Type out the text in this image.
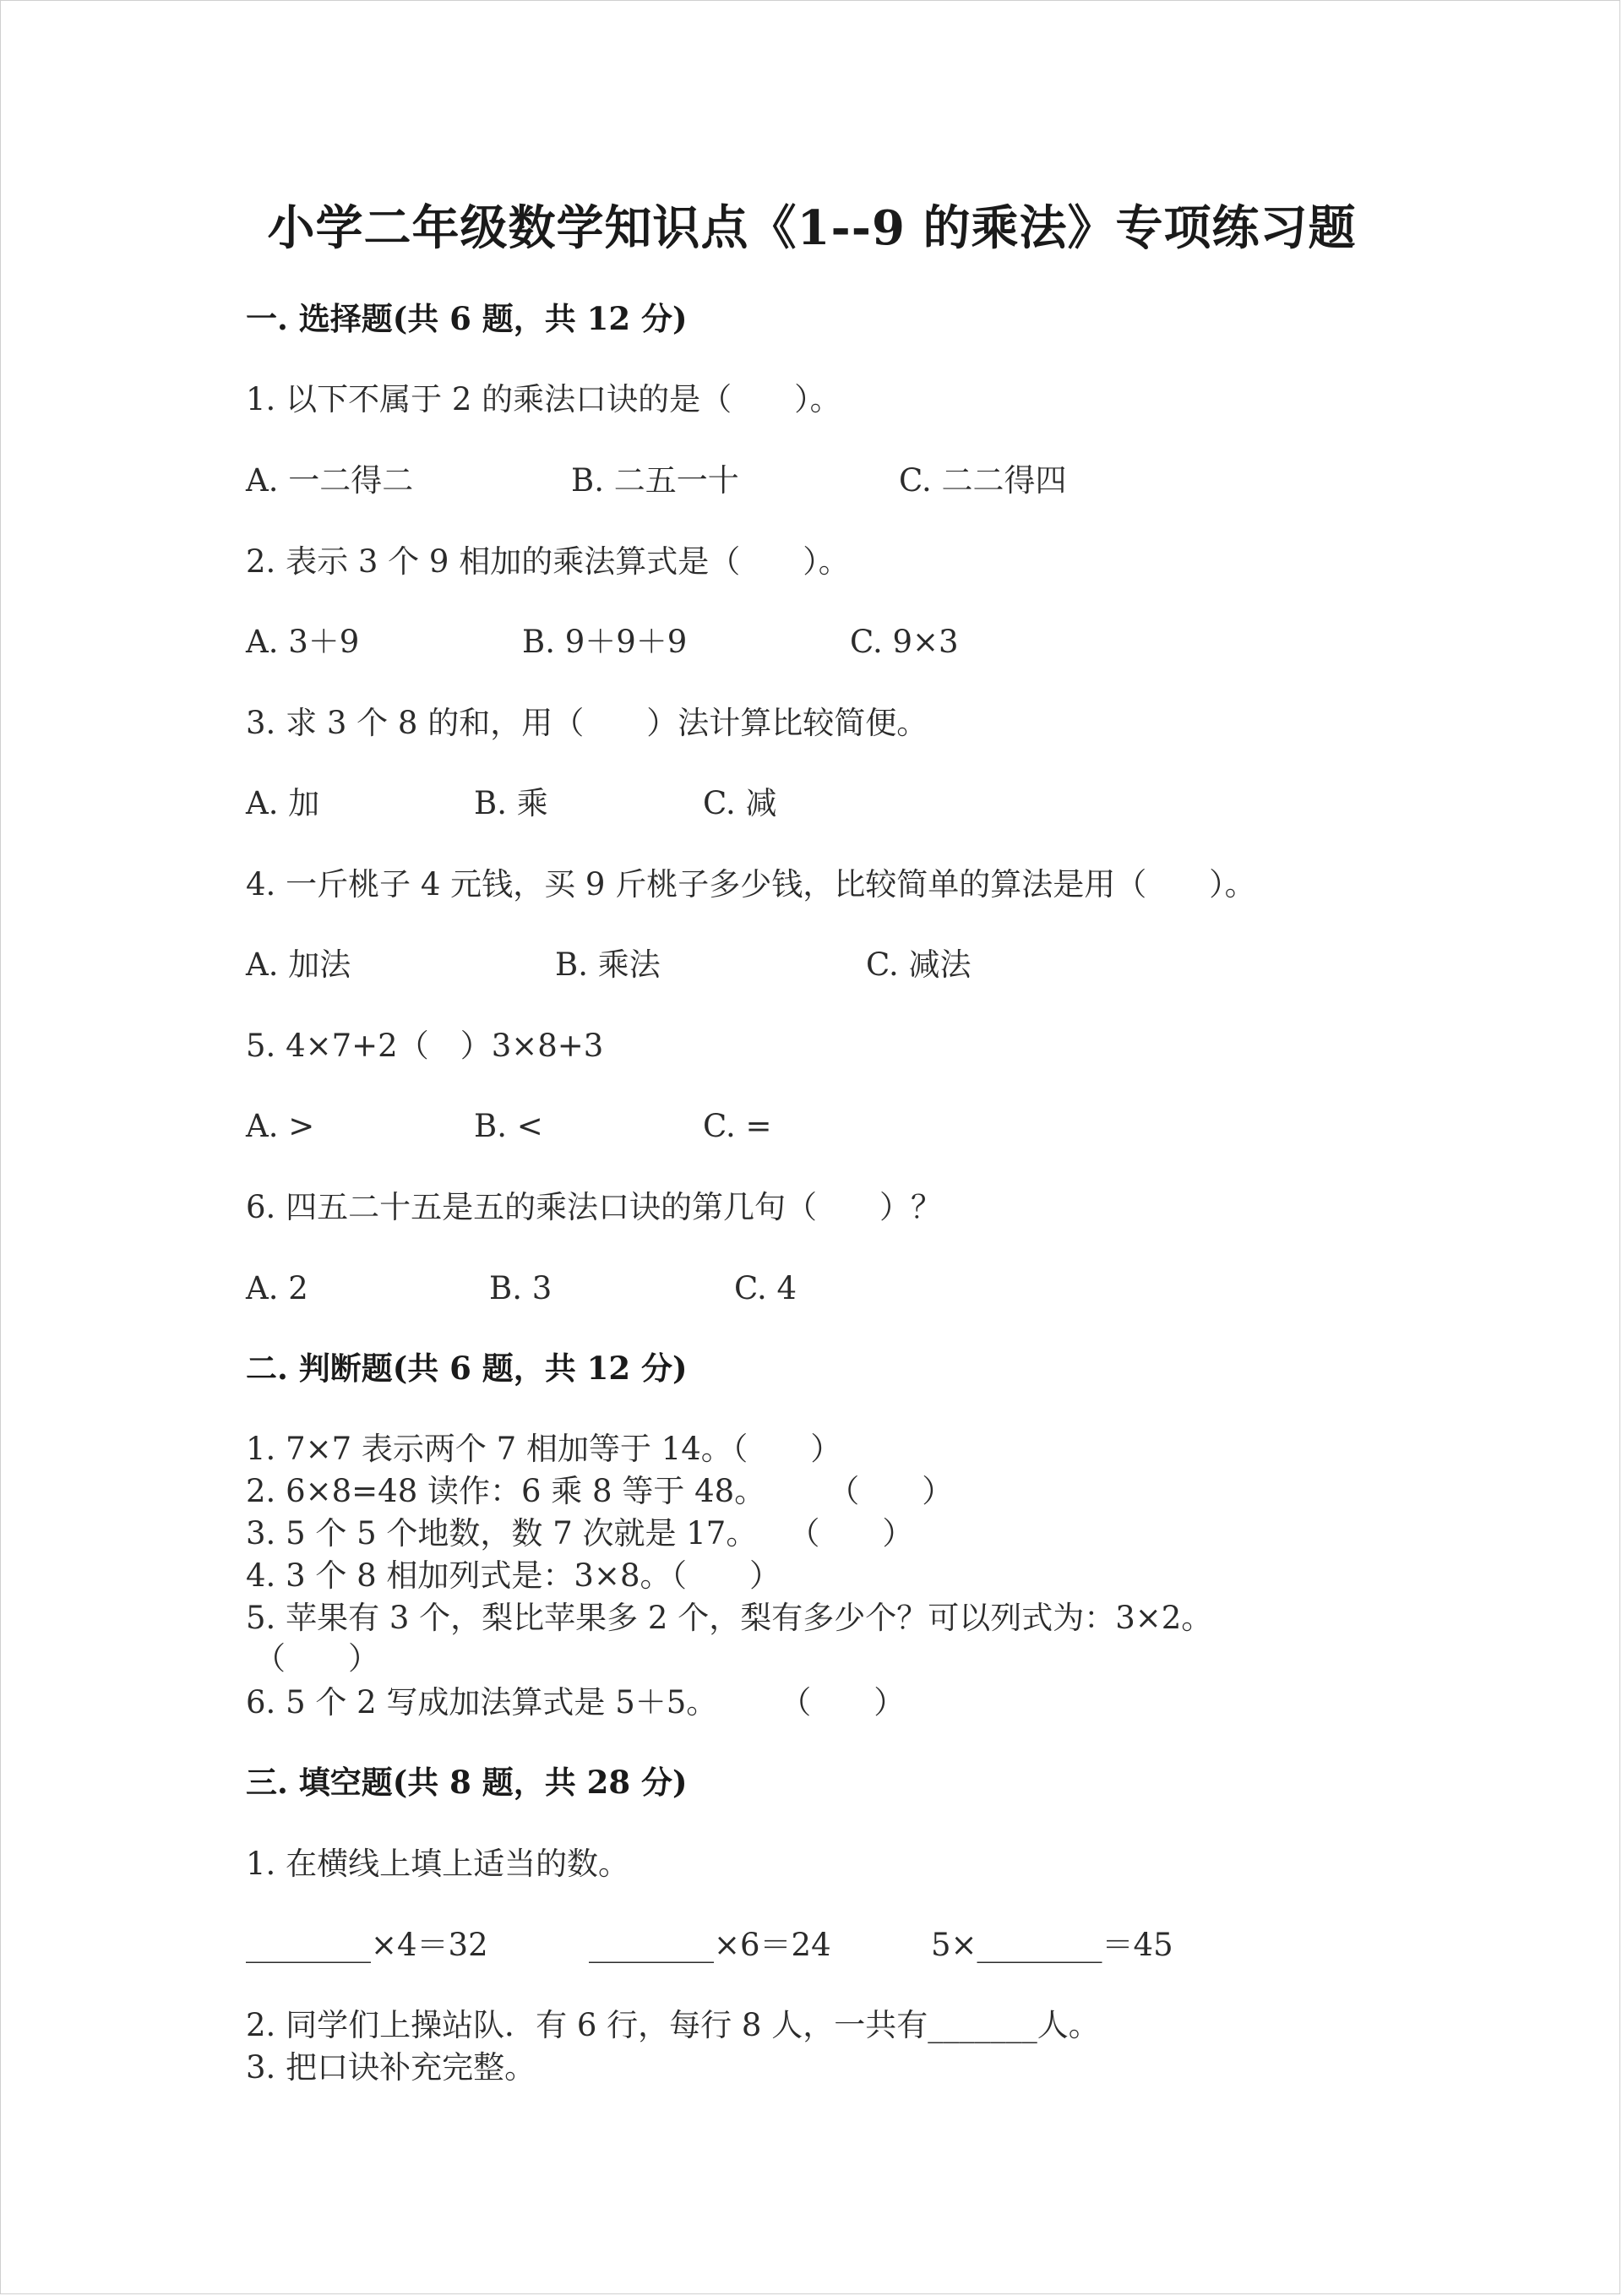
小学二年级数学知识点《1--9 的乘法》专项练习题
一. 选择题(共 6 题，共 12 分)
1. 以下不属于 2 的乘法口诀的是（　　）。
A. 一二得二	B. 二五一十	C. 二二得四
2. 表示 3 个 9 相加的乘法算式是（　　）。
A. 3＋9	B. 9＋9＋9	C. 9×3
3. 求 3 个 8 的和，用（　　）法计算比较简便。
A. 加	B. 乘	C. 减
4. 一斤桃子 4 元钱，买 9 斤桃子多少钱，比较简单的算法是用（　　）。
A. 加法	B. 乘法	C. 减法
5. 4×7+2（　）3×8+3
A. >	B. <	C. =
6. 四五二十五是五的乘法口诀的第几句（　　）？
A. 2	B. 3	C. 4
二. 判断题(共 6 题，共 12 分)
1. 7×7 表示两个 7 相加等于 14。（　　）
2. 6×8=48 读作：6 乘 8 等于 48。　　　（　　）
3. 5 个 5 个地数，数 7 次就是 17。　　（　　）
4. 3 个 8 相加列式是：3×8。（　　）
5. 苹果有 3 个，梨比苹果多 2 个，梨有多少个？可以列式为：3×2。
（　　）
6. 5 个 2 写成加法算式是 5＋5。　　　（　　）
三. 填空题(共 8 题，共 28 分)
1. 在横线上填上适当的数。
________×4＝32	________×6＝24	5×________＝45
2. 同学们上操站队．有 6 行，每行 8 人，一共有_______人。
3. 把口诀补充完整。
